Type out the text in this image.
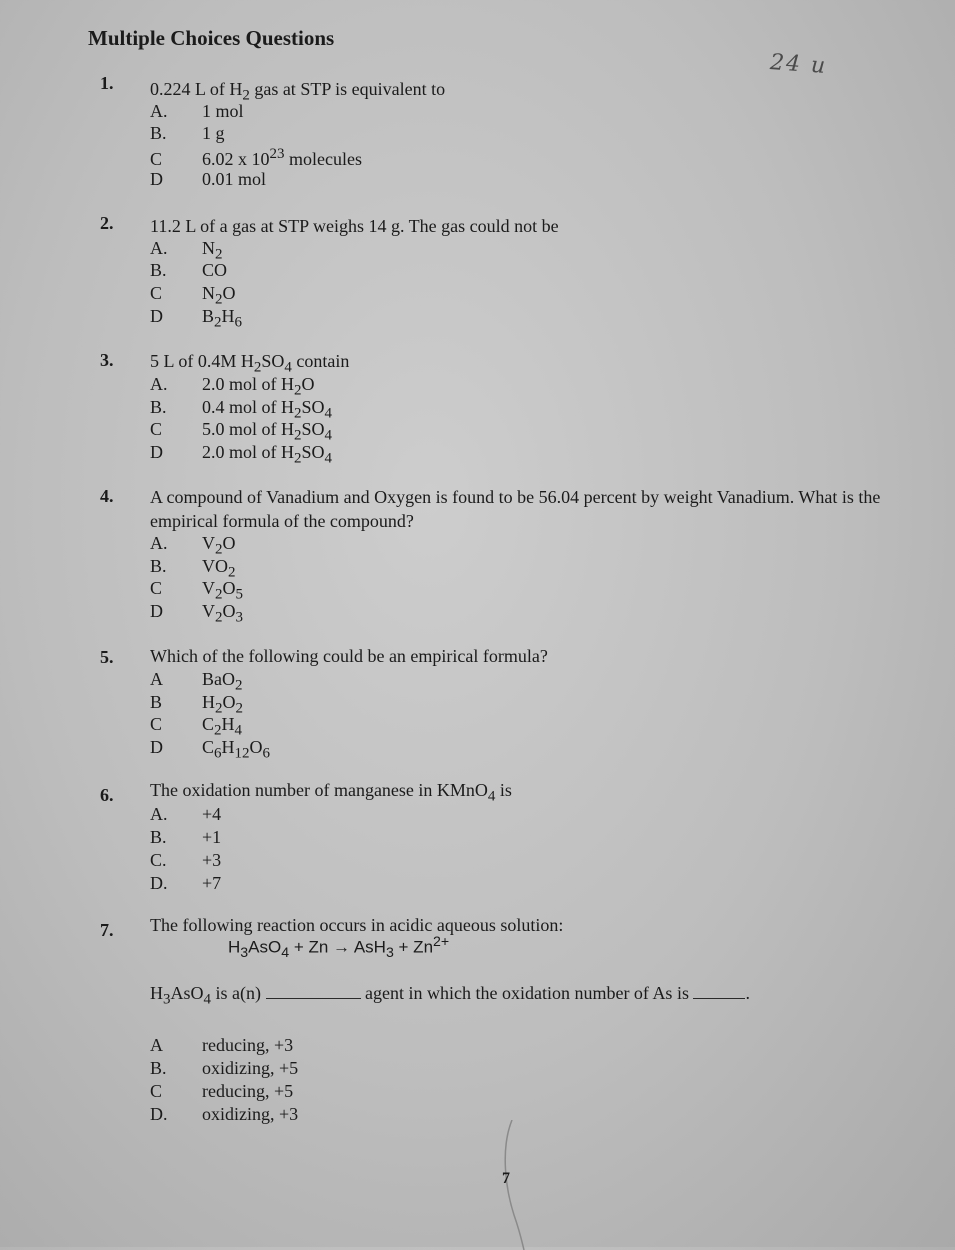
Multiple Choices Questions
24 u
1. 0.224 L of $H_2$ gas at STP is equivalent to
A. 1 mol
B. 1 g
C 6.02 x $10^{23}$ molecules
D 0.01 mol
2. 11.2 L of a gas at STP weighs 14 g. The gas could not be
A. $N_2$
B. CO
C $N_2O$
D $B_2H_6$
3. 5 L of 0.4M $H_2SO_4$ contain
A. 2.0 mol of $H_2O$
B. 0.4 mol of $H_2SO_4$
C 5.0 mol of $H_2SO_4$
D 2.0 mol of $H_2SO_4$
4. A compound of Vanadium and Oxygen is found to be 56.04 percent by weight Vanadium. What is the empirical formula of the compound?
A. $V_2O$
B. $VO_2$
C $V_2O_5$
D $V_2O_3$
5. Which of the following could be an empirical formula?
A BaO$_2$
B $H_2O_2$
C $C_2H_4$
D $C_6H_{12}O_6$
6. The oxidation number of manganese in KMnO$_4$ is
A. +4
B. +1
C. +3
D. +7
7. The following reaction occurs in acidic aqueous solution:
$H_3AsO_4 + Zn \to AsH_3 + Zn^{2+}$
$H_3AsO_4$ is a(n)	agent in which the oxidation number of As is	.
A reducing, +3
B. oxidizing, +5
C reducing, +5
D. oxidizing, +3
7
